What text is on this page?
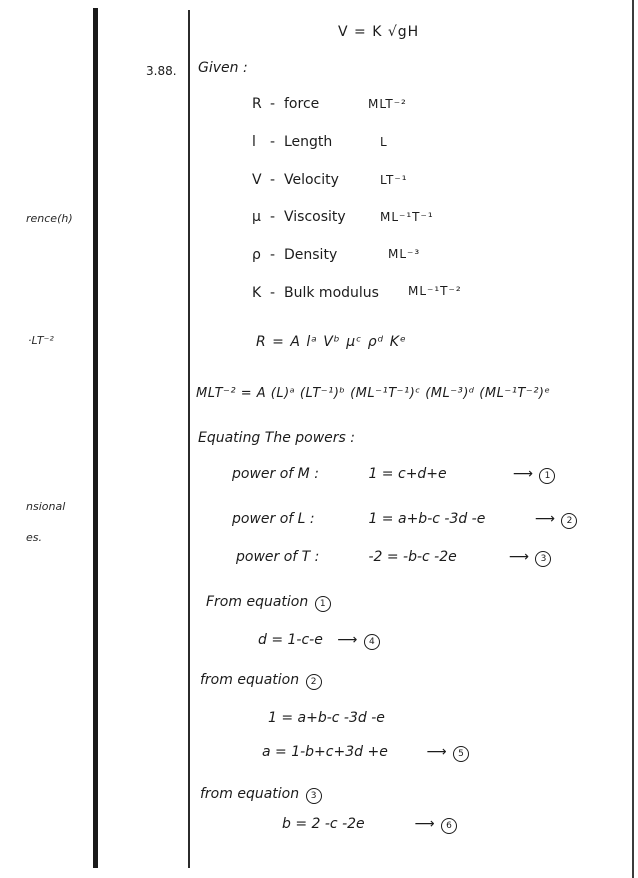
rence(h)
·LT⁻²
nsional
es.
V = K √gH
3.88. Given :
R - force	MLT⁻²
l - Length	L
V - Velocity	LT⁻¹
μ - Viscosity	ML⁻¹T⁻¹
ρ - Density	ML⁻³
K - Bulk modulus ML⁻¹T⁻²
R = A lᵃ Vᵇ μᶜ ρᵈ Kᵉ
MLT⁻² = A (L)ᵃ (LT⁻¹)ᵇ (ML⁻¹T⁻¹)ᶜ (ML⁻³)ᵈ (ML⁻¹T⁻²)ᵉ
Equating The powers :
power of M :	1 = c+d+e	⟶ 1
power of L :	1 = a+b-c -3d -e	⟶ 2
power of T :	-2 = -b-c -2e	⟶ 3
From equation 1
d = 1-c-e ⟶ 4
from equation 2
1 = a+b-c -3d -e
a = 1-b+c+3d +e	⟶ 5
from equation 3
b = 2 -c -2e	⟶ 6
